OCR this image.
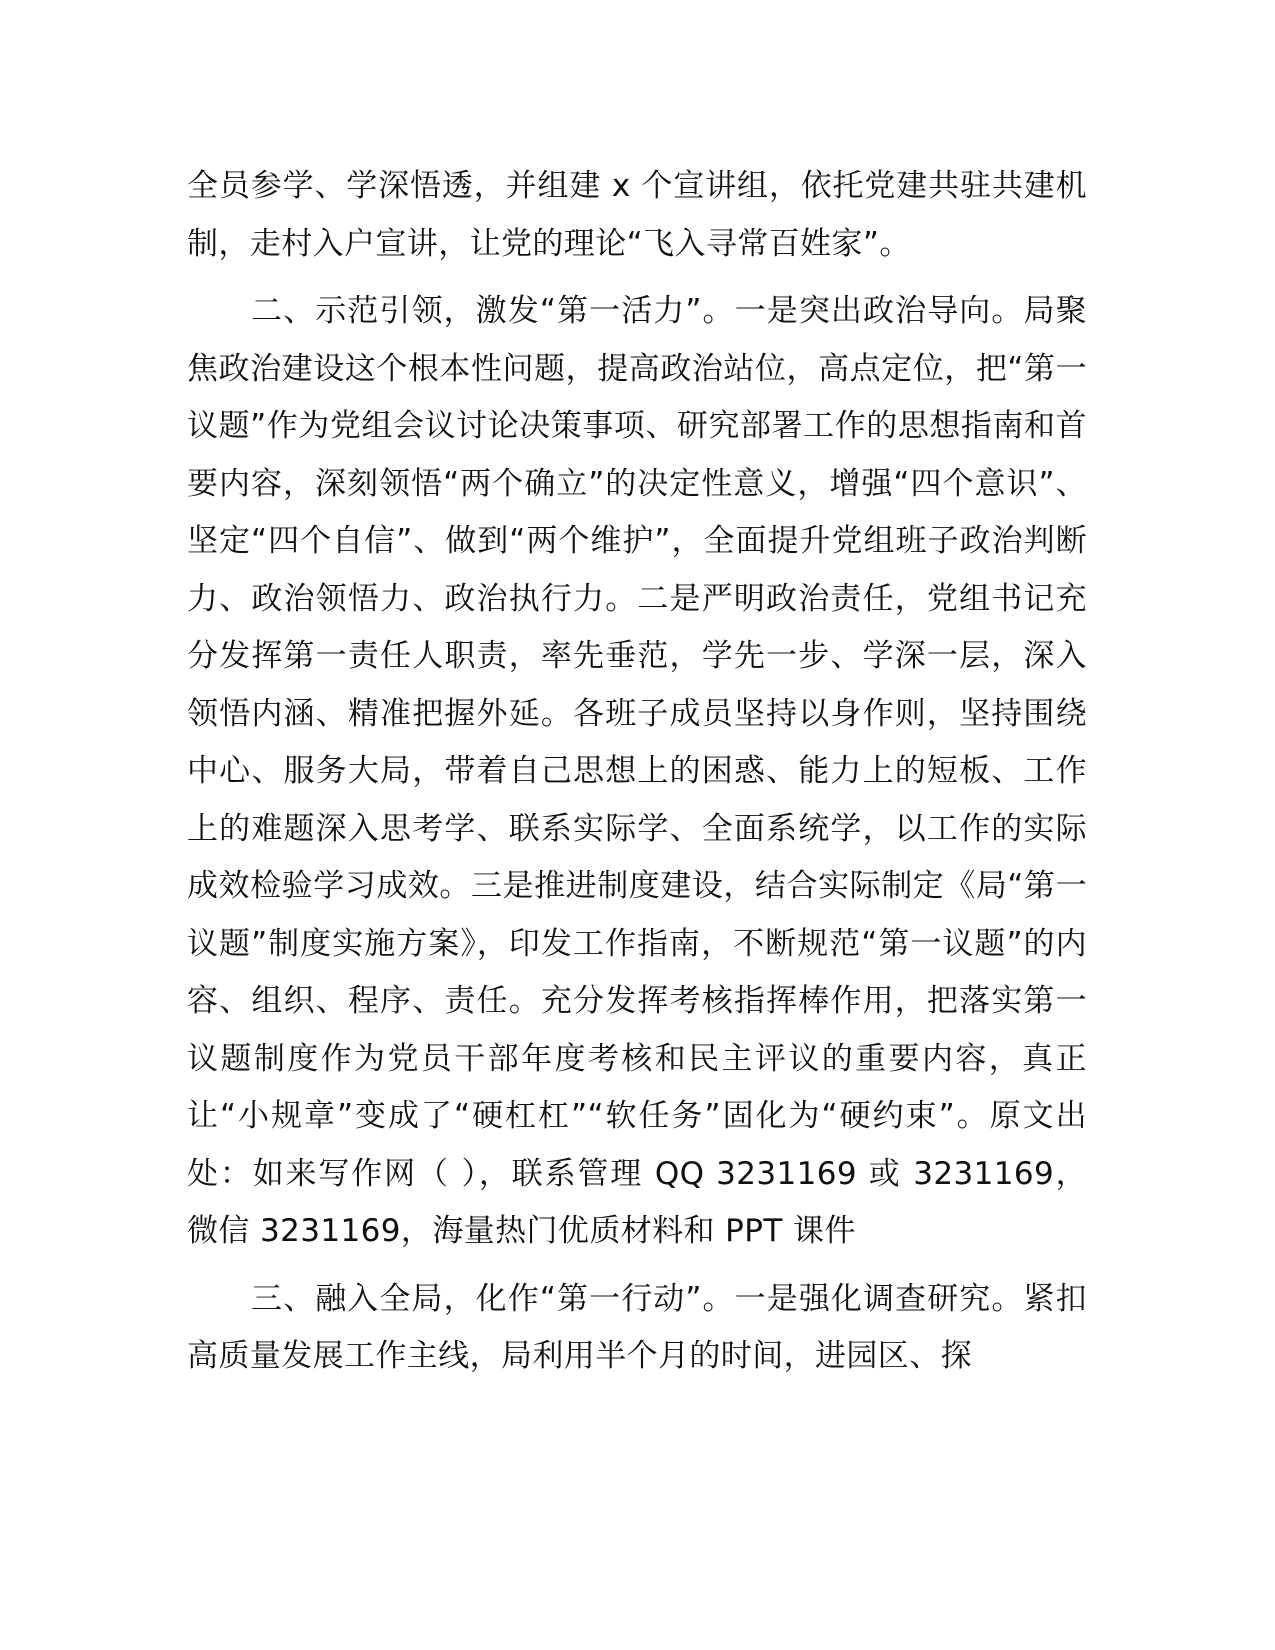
全员参学、学深悟透，并组建 x 个宣讲组，依托党建共驻共建机制，走村入户宣讲，让党的理论“飞入寻常百姓家”。

二、示范引领，激发“第一活力”。一是突出政治导向。局聚焦政治建设这个根本性问题，提高政治站位，高点定位，把“第一议题”作为党组会议讨论决策事项、研究部署工作的思想指南和首要内容，深刻领悟“两个确立”的决定性意义，增强“四个意识”、坚定“四个自信”、做到“两个维护”，全面提升党组班子政治判断力、政治领悟力、政治执行力。二是严明政治责任，党组书记充分发挥第一责任人职责，率先垂范，学先一步、学深一层，深入领悟内涵、精准把握外延。各班子成员坚持以身作则，坚持围绕中心、服务大局，带着自己思想上的困惑、能力上的短板、工作上的难题深入思考学、联系实际学、全面系统学，以工作的实际成效检验学习成效。三是推进制度建设，结合实际制定《局“第一议题”制度实施方案》，印发工作指南，不断规范“第一议题”的内容、组织、程序、责任。充分发挥考核指挥棒作用，把落实第一议题制度作为党员干部年度考核和民主评议的重要内容，真正让“小规章”变成了“硬杠杠”“软任务”固化为“硬约束”。原文出处：如来写作网（ ），联系管理 QQ 3231169 或 3231169，微信 3231169，海量热门优质材料和 PPT 课件

三、融入全局，化作“第一行动”。一是强化调查研究。紧扣高质量发展工作主线，局利用半个月的时间，进园区、探
